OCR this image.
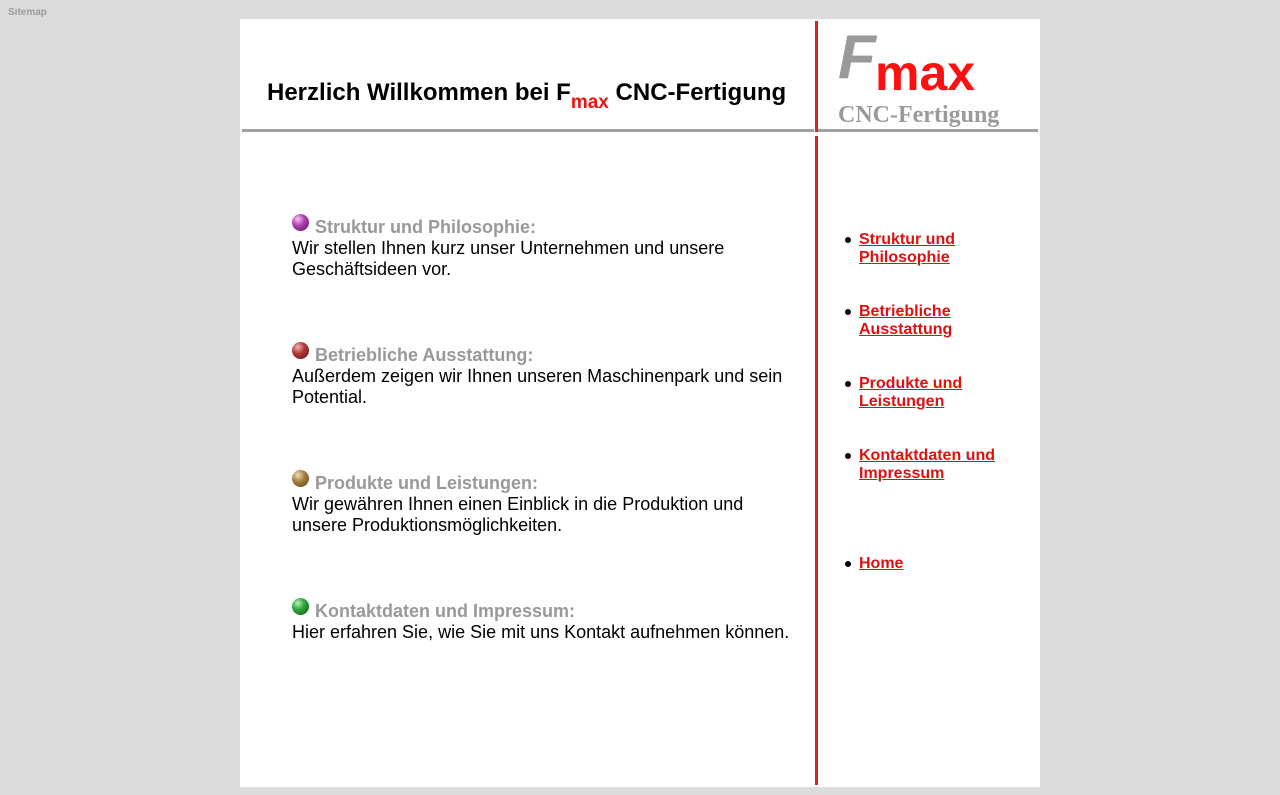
Sitemap
Herzlich Willkommen bei $F_{max}$ CNC-Fertigung
F max
CNC-Fertigung
Struktur und Philosophie:
Wir stellen Ihnen kurz unser Unternehmen und unsere Geschäftsideen vor.
Betriebliche Ausstattung:
Außerdem zeigen wir Ihnen unseren Maschinenpark und sein Potential.
Produkte und Leistungen:
Wir gewähren Ihnen einen Einblick in die Produktion und unsere Produktionsmöglichkeiten.
Kontaktdaten und Impressum:
Hier erfahren Sie, wie Sie mit uns Kontakt aufnehmen können.
Struktur und Philosophie
Betriebliche Ausstattung
Produkte und Leistungen
Kontaktdaten und Impressum
Home
